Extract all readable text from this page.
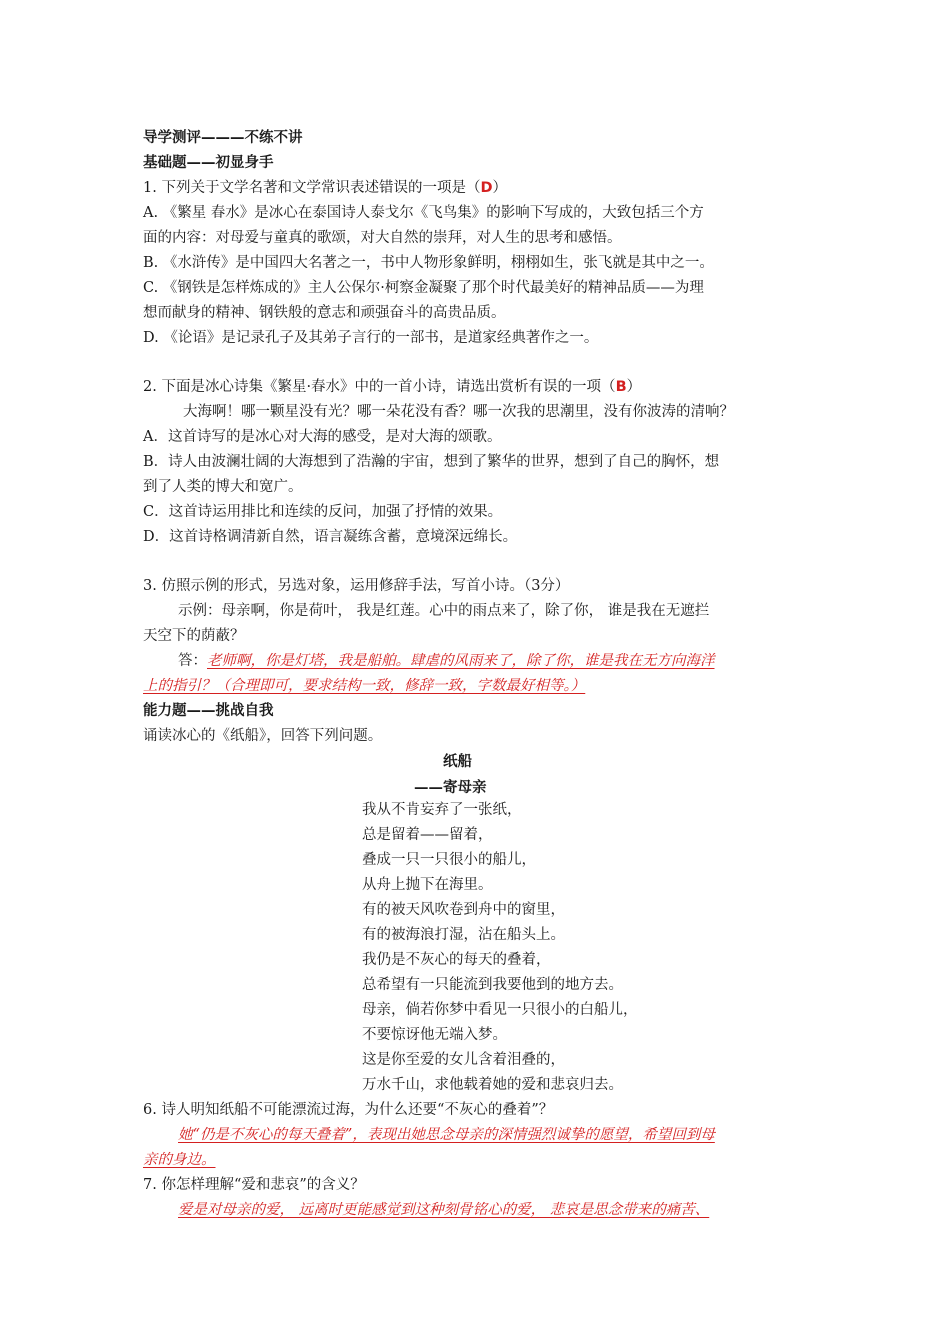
导学测评———不练不讲
基础题——初显身手
1. 下列关于文学名著和文学常识表述错误的一项是（D）
A. 《繁星 春水》是冰心在泰国诗人泰戈尔《飞鸟集》的影响下写成的，大致包括三个方
面的内容：对母爱与童真的歌颂，对大自然的崇拜，对人生的思考和感悟。
B. 《水浒传》是中国四大名著之一，书中人物形象鲜明，栩栩如生，张飞就是其中之一。
C. 《钢铁是怎样炼成的》主人公保尔·柯察金凝聚了那个时代最美好的精神品质——为理
想而献身的精神、钢铁般的意志和顽强奋斗的高贵品质。
D. 《论语》是记录孔子及其弟子言行的一部书，是道家经典著作之一。
2. 下面是冰心诗集《繁星·春水》中的一首小诗，请选出赏析有误的一项（B）
大海啊！哪一颗星没有光？哪一朵花没有香？哪一次我的思潮里，没有你波涛的清响？
A．这首诗写的是冰心对大海的感受，是对大海的颂歌。
B．诗人由波澜壮阔的大海想到了浩瀚的宇宙，想到了繁华的世界，想到了自己的胸怀，想
到了人类的博大和宽广。
C．这首诗运用排比和连续的反问，加强了抒情的效果。
D．这首诗格调清新自然，语言凝练含蓄，意境深远绵长。
3. 仿照示例的形式，另选对象，运用修辞手法，写首小诗。（3分）
示例：母亲啊，你是荷叶， 我是红莲。心中的雨点来了，除了你， 谁是我在无遮拦
天空下的荫蔽？
答：老师啊，你是灯塔，我是船舶。肆虐的风雨来了，除了你，谁是我在无方向海洋
上的指引？（合理即可，要求结构一致，修辞一致，字数最好相等。）
能力题——挑战自我
诵读冰心的《纸船》，回答下列问题。
纸船
——寄母亲
我从不肯妄弃了一张纸，
总是留着——留着，
叠成一只一只很小的船儿，
从舟上抛下在海里。
有的被天风吹卷到舟中的窗里，
有的被海浪打湿，沾在船头上。
我仍是不灰心的每天的叠着，
总希望有一只能流到我要他到的地方去。
母亲，倘若你梦中看见一只很小的白船儿，
不要惊讶他无端入梦。
这是你至爱的女儿含着泪叠的，
万水千山，求他载着她的爱和悲哀归去。
6. 诗人明知纸船不可能漂流过海，为什么还要“不灰心的叠着”？
她“仍是不灰心的每天叠着”，表现出她思念母亲的深情强烈诚挚的愿望，希望回到母
亲的身边。
7. 你怎样理解“爱和悲哀”的含义？
爱是对母亲的爱， 远离时更能感觉到这种刻骨铭心的爱， 悲哀是思念带来的痛苦、
